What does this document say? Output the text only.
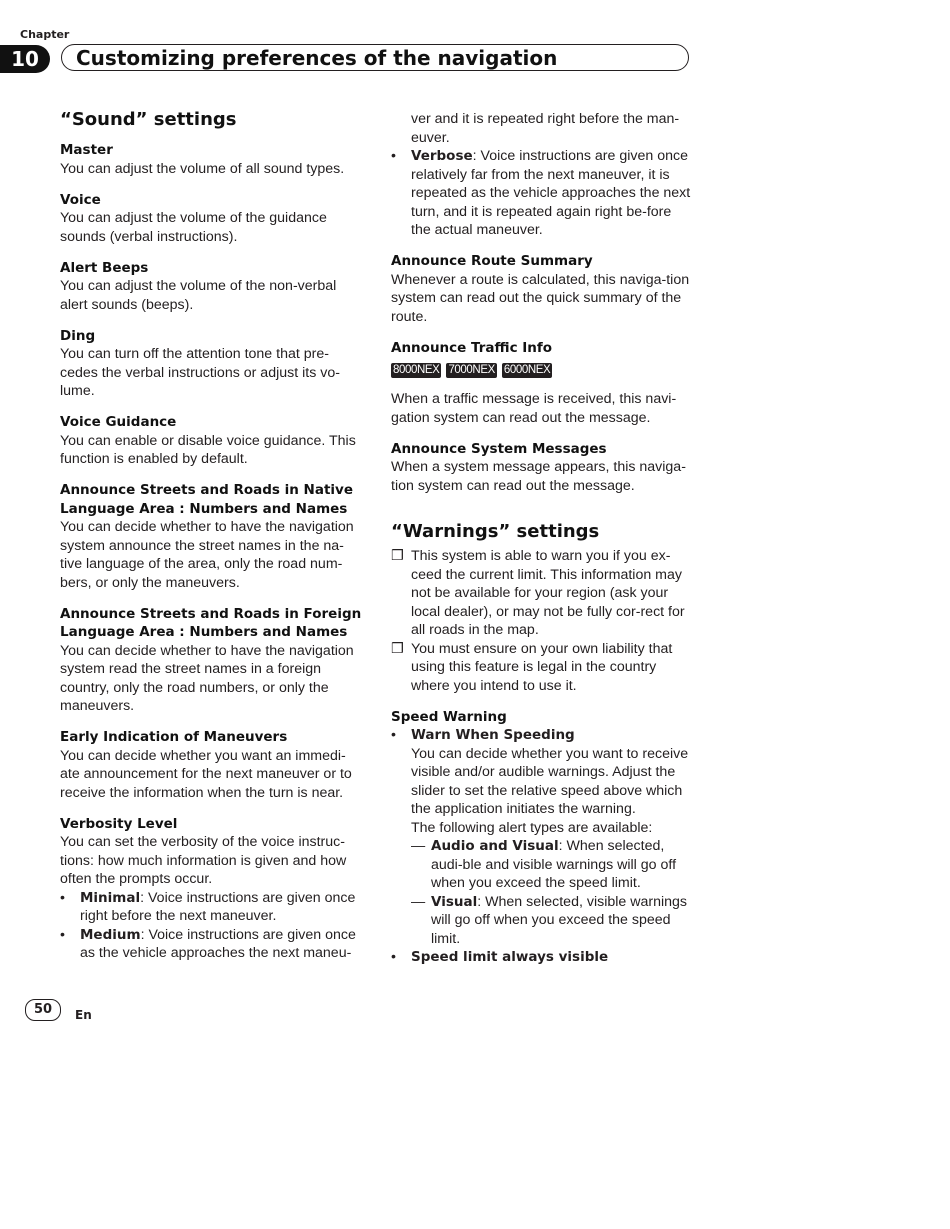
Chapter
10	Customizing preferences of the navigation
“Sound” settings
Master

You can adjust the volume of all sound types.

Voice

You can adjust the volume of the guidance sounds (verbal instructions).

Alert Beeps

You can adjust the volume of the non-verbal alert sounds (beeps).

Ding

You can turn off the attention tone that pre-cedes the verbal instructions or adjust its vo-lume.

Voice Guidance

You can enable or disable voice guidance. This function is enabled by default.

Announce Streets and Roads in Native Language Area : Numbers and Names

You can decide whether to have the navigation system announce the street names in the na-tive language of the area, only the road num-bers, or only the maneuvers.

Announce Streets and Roads in Foreign Language Area : Numbers and Names

You can decide whether to have the navigation system read the street names in a foreign country, only the road numbers, or only the maneuvers.

Early Indication of Maneuvers

You can decide whether you want an immedi-ate announcement for the next maneuver or to receive the information when the turn is near.

Verbosity Level

You can set the verbosity of the voice instruc-tions: how much information is given and how often the prompts occur.

• Minimal: Voice instructions are given once right before the next maneuver.
• Medium: Voice instructions are given once as the vehicle approaches the next maneu-
ver and it is repeated right before the man-euver.
• Verbose: Voice instructions are given once relatively far from the next maneuver, it is repeated as the vehicle approaches the next turn, and it is repeated again right be-fore the actual maneuver.
Announce Route Summary

Whenever a route is calculated, this naviga-tion system can read out the quick summary of the route.

Announce Traffic Info
8000NEX 7000NEX 6000NEX

When a traffic message is received, this navi-gation system can read out the message.

Announce System Messages

When a system message appears, this naviga-tion system can read out the message.

“Warnings” settings
❒ This system is able to warn you if you ex-ceed the current limit. This information may not be available for your region (ask your local dealer), or may not be fully cor-rect for all roads in the map.
❒ You must ensure on your own liability that using this feature is legal in the country where you intend to use it.
Speed Warning
• Warn When Speeding
You can decide whether you want to receive visible and/or audible warnings. Adjust the slider to set the relative speed above which the application initiates the warning.
The following alert types are available:
— Audio and Visual: When selected, audi-ble and visible warnings will go off when you exceed the speed limit.
— Visual: When selected, visible warnings will go off when you exceed the speed limit.
• Speed limit always visible
50	En
